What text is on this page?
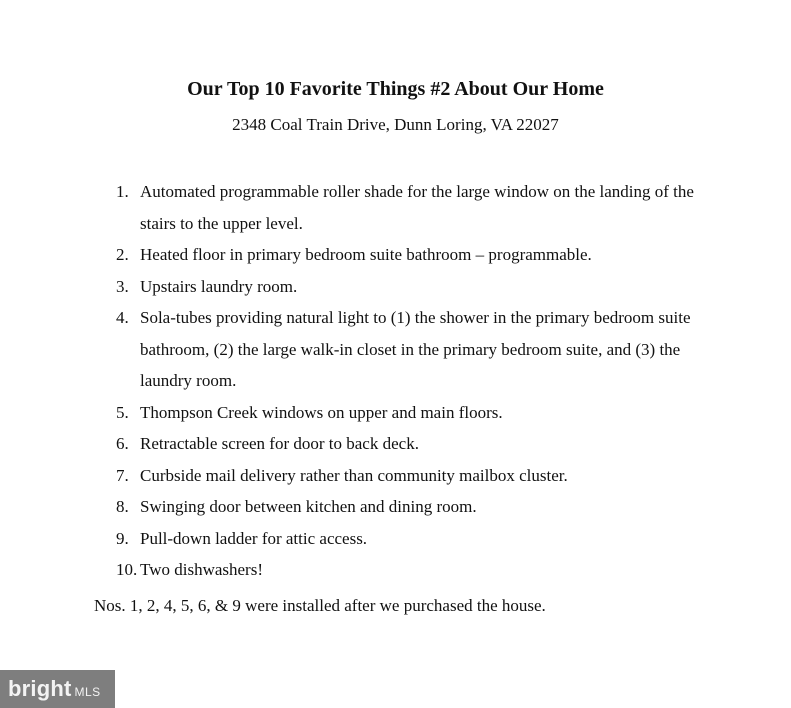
Our Top 10 Favorite Things #2 About Our Home
2348 Coal Train Drive, Dunn Loring, VA 22027
1. Automated programmable roller shade for the large window on the landing of the stairs to the upper level.
2. Heated floor in primary bedroom suite bathroom – programmable.
3. Upstairs laundry room.
4. Sola-tubes providing natural light to (1) the shower in the primary bedroom suite bathroom, (2) the large walk-in closet in the primary bedroom suite, and (3) the laundry room.
5. Thompson Creek windows on upper and main floors.
6. Retractable screen for door to back deck.
7. Curbside mail delivery rather than community mailbox cluster.
8. Swinging door between kitchen and dining room.
9. Pull-down ladder for attic access.
10. Two dishwashers!
Nos. 1, 2, 4, 5, 6, & 9 were installed after we purchased the house.
bright MLS
